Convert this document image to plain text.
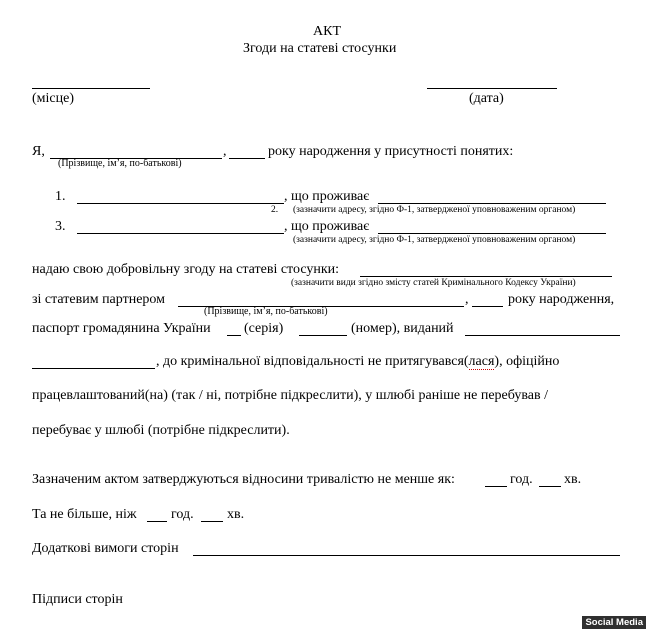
АКТ
Згоди на статеві стосунки
(місце)	(дата)
Я,	,	року народження у присутності понятих:
(Прізвище, ім’я, по-батькові)
1.	, що проживає
2. (зазначити адресу, згідно Ф-1, затвердженої уповноваженим органом)
3.	, що проживає
(зазначити адресу, згідно Ф-1, затвердженої уповноваженим органом)
надаю свою добровільну згоду на статеві стосунки:
(зазначити види згідно змісту статей Кримінального Кодексу України)
зі статевим партнером	,	року народження,
(Прізвище, ім’я, по-батькові)
паспорт громадянина України (серія)	(номер), виданий
, до кримінальної відповідальності не притягувався(лася), офіційно
працевлаштований(на) (так / ні, потрібне підкреслити), у шлюбі раніше не перебував /
перебуває у шлюбі (потрібне підкреслити).
Зазначеним актом затверджуються відносини тривалістю не менше як:	год. хв.
Та не більше, ніж год. хв.
Додаткові вимоги сторін
Підписи сторін
Social Media
